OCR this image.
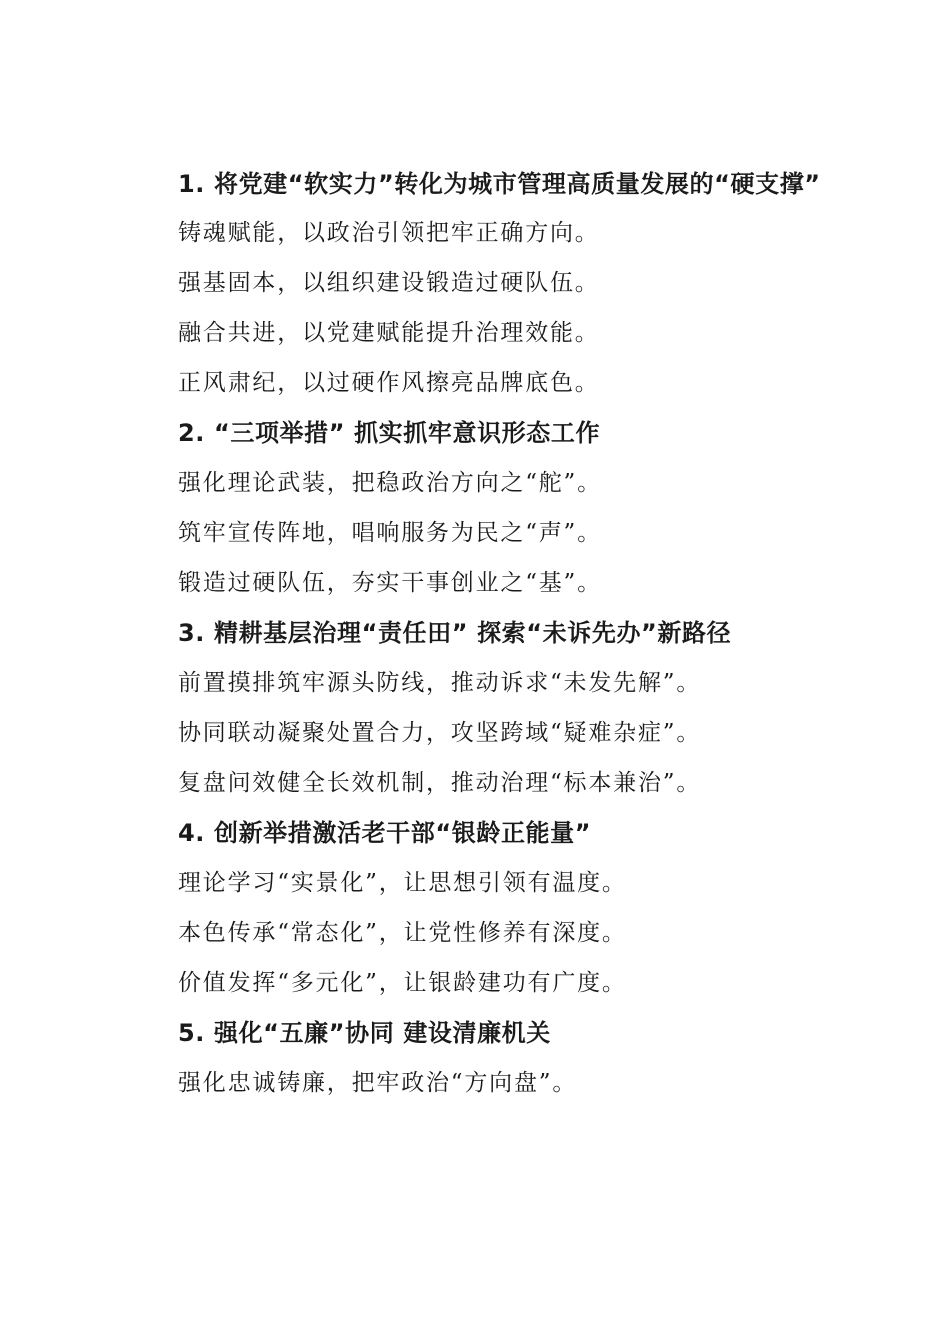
1. 将党建“软实力”转化为城市管理高质量发展的“硬支撑”

铸魂赋能，以政治引领把牢正确方向。

强基固本，以组织建设锻造过硬队伍。

融合共进，以党建赋能提升治理效能。

正风肃纪，以过硬作风擦亮品牌底色。

2. “三项举措” 抓实抓牢意识形态工作

强化理论武装，把稳政治方向之“舵”。

筑牢宣传阵地，唱响服务为民之“声”。

锻造过硬队伍，夯实干事创业之“基”。

3. 精耕基层治理“责任田” 探索“未诉先办”新路径

前置摸排筑牢源头防线，推动诉求“未发先解”。

协同联动凝聚处置合力，攻坚跨域“疑难杂症”。

复盘问效健全长效机制，推动治理“标本兼治”。

4. 创新举措激活老干部“银龄正能量”

理论学习“实景化”，让思想引领有温度。

本色传承“常态化”，让党性修养有深度。

价值发挥“多元化”，让银龄建功有广度。

5. 强化“五廉”协同 建设清廉机关

强化忠诚铸廉，把牢政治“方向盘”。
